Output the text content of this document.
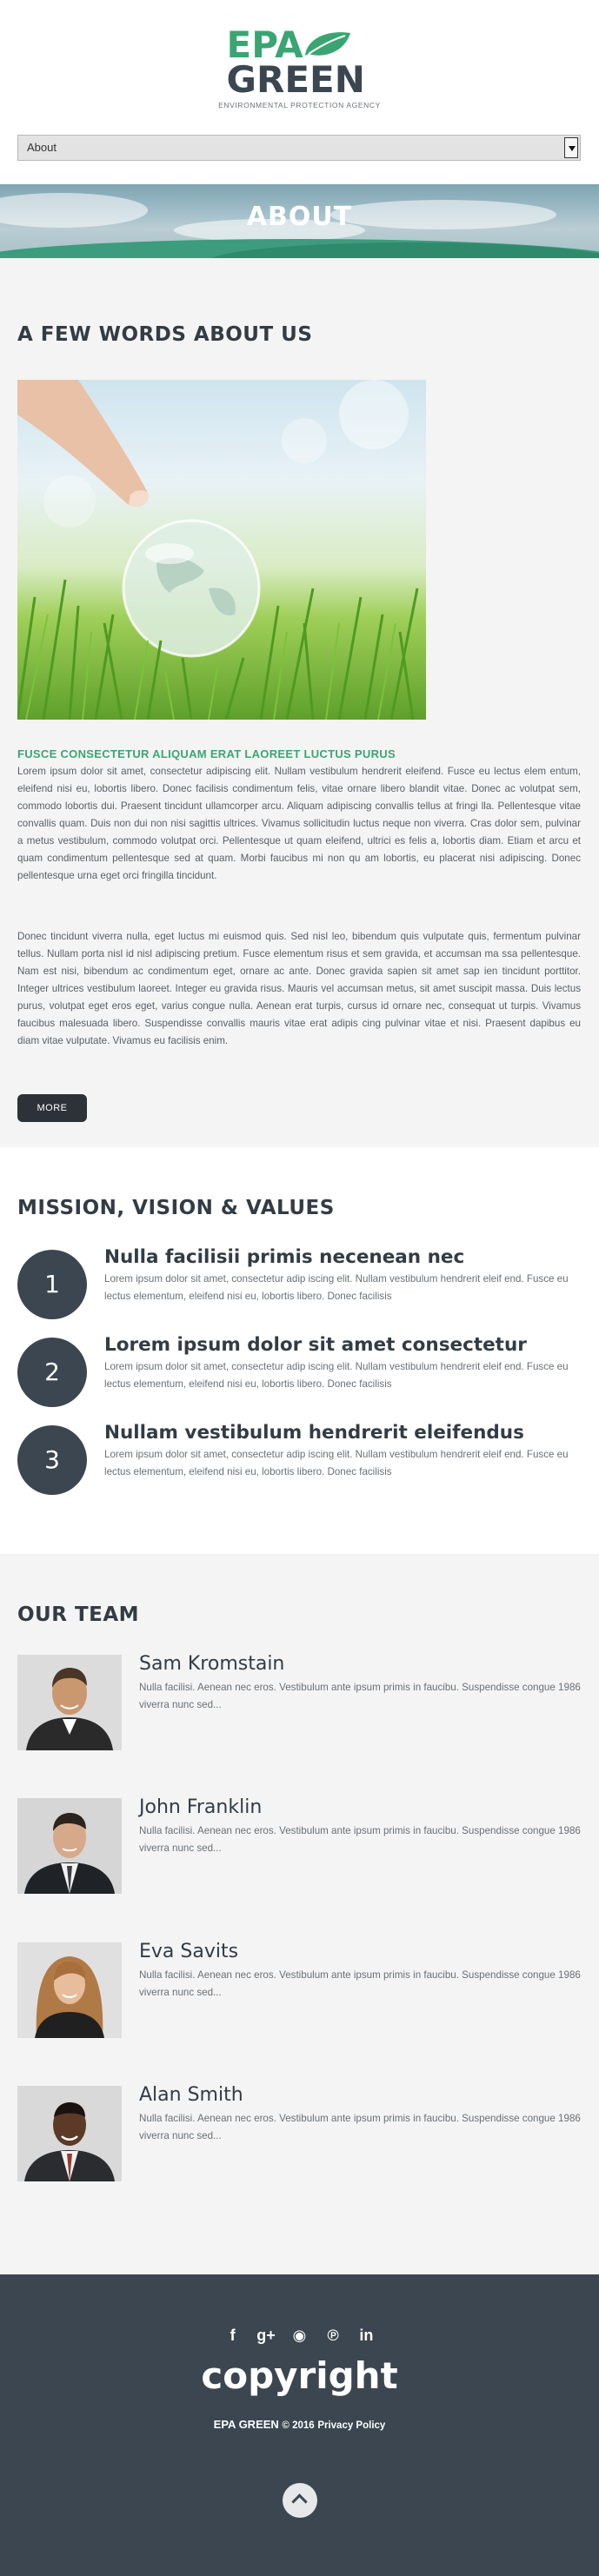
EPA
GREEN
ENVIRONMENTAL PROTECTION AGENCY
About
ABOUT
A FEW WORDS ABOUT US
FUSCE CONSECTETUR ALIQUAM ERAT LAOREET LUCTUS PURUS

Lorem ipsum dolor sit amet, consectetur adipiscing elit. Nullam vestibulum hendrerit eleifend. Fusce eu lectus elem entum, eleifend nisi eu, lobortis libero. Donec facilisis condimentum felis, vitae ornare libero blandit vitae. Donec ac volutpat sem, commodo lobortis dui. Praesent tincidunt ullamcorper arcu. Aliquam adipiscing convallis tellus at fringi lla. Pellentesque vitae convallis quam. Duis non dui non nisi sagittis ultrices. Vivamus sollicitudin luctus neque non viverra. Cras dolor sem, pulvinar a metus vestibulum, commodo volutpat orci. Pellentesque ut quam eleifend, ultrici es felis a, lobortis diam. Etiam et arcu et quam condimentum pellentesque sed at quam. Morbi faucibus mi non qu am lobortis, eu placerat nisi adipiscing. Donec pellentesque urna eget orci fringilla tincidunt.

Donec tincidunt viverra nulla, eget luctus mi euismod quis. Sed nisl leo, bibendum quis vulputate quis, fermentum pulvinar tellus. Nullam porta nisl id nisl adipiscing pretium. Fusce elementum risus et sem gravida, et accumsan ma ssa pellentesque. Nam est nisi, bibendum ac condimentum eget, ornare ac ante. Donec gravida sapien sit amet sap ien tincidunt porttitor. Integer ultrices vestibulum laoreet. Integer eu gravida risus. Mauris vel accumsan metus, sit amet suscipit massa. Duis lectus purus, volutpat eget eros eget, varius congue nulla. Aenean erat turpis, cursus id ornare nec, consequat ut turpis. Vivamus faucibus malesuada libero. Suspendisse convallis mauris vitae erat adipis cing pulvinar vitae et nisi. Praesent dapibus eu diam vitae vulputate. Vivamus eu facilisis enim.

MORE
MISSION, VISION & VALUES
1
Nulla facilisii primis necenean nec
Lorem ipsum dolor sit amet, consectetur adip iscing elit. Nullam vestibulum hendrerit eleif end. Fusce eu lectus elementum, eleifend nisi eu, lobortis libero. Donec facilisis
2
Lorem ipsum dolor sit amet consectetur
Lorem ipsum dolor sit amet, consectetur adip iscing elit. Nullam vestibulum hendrerit eleif end. Fusce eu lectus elementum, eleifend nisi eu, lobortis libero. Donec facilisis
3
Nullam vestibulum hendrerit eleifendus
Lorem ipsum dolor sit amet, consectetur adip iscing elit. Nullam vestibulum hendrerit eleif end. Fusce eu lectus elementum, eleifend nisi eu, lobortis libero. Donec facilisis
OUR TEAM
Sam Kromstain
Nulla facilisi. Aenean nec eros. Vestibulum ante ipsum primis in faucibu. Suspendisse congue 1986 viverra nunc sed...
John Franklin
Nulla facilisi. Aenean nec eros. Vestibulum ante ipsum primis in faucibu. Suspendisse congue 1986 viverra nunc sed...
Eva Savits
Nulla facilisi. Aenean nec eros. Vestibulum ante ipsum primis in faucibu. Suspendisse congue 1986 viverra nunc sed...
Alan Smith
Nulla facilisi. Aenean nec eros. Vestibulum ante ipsum primis in faucibu. Suspendisse congue 1986 viverra nunc sed...
f g+ ◉ ℗ in
copyright
EPA GREEN © 2016 Privacy Policy
